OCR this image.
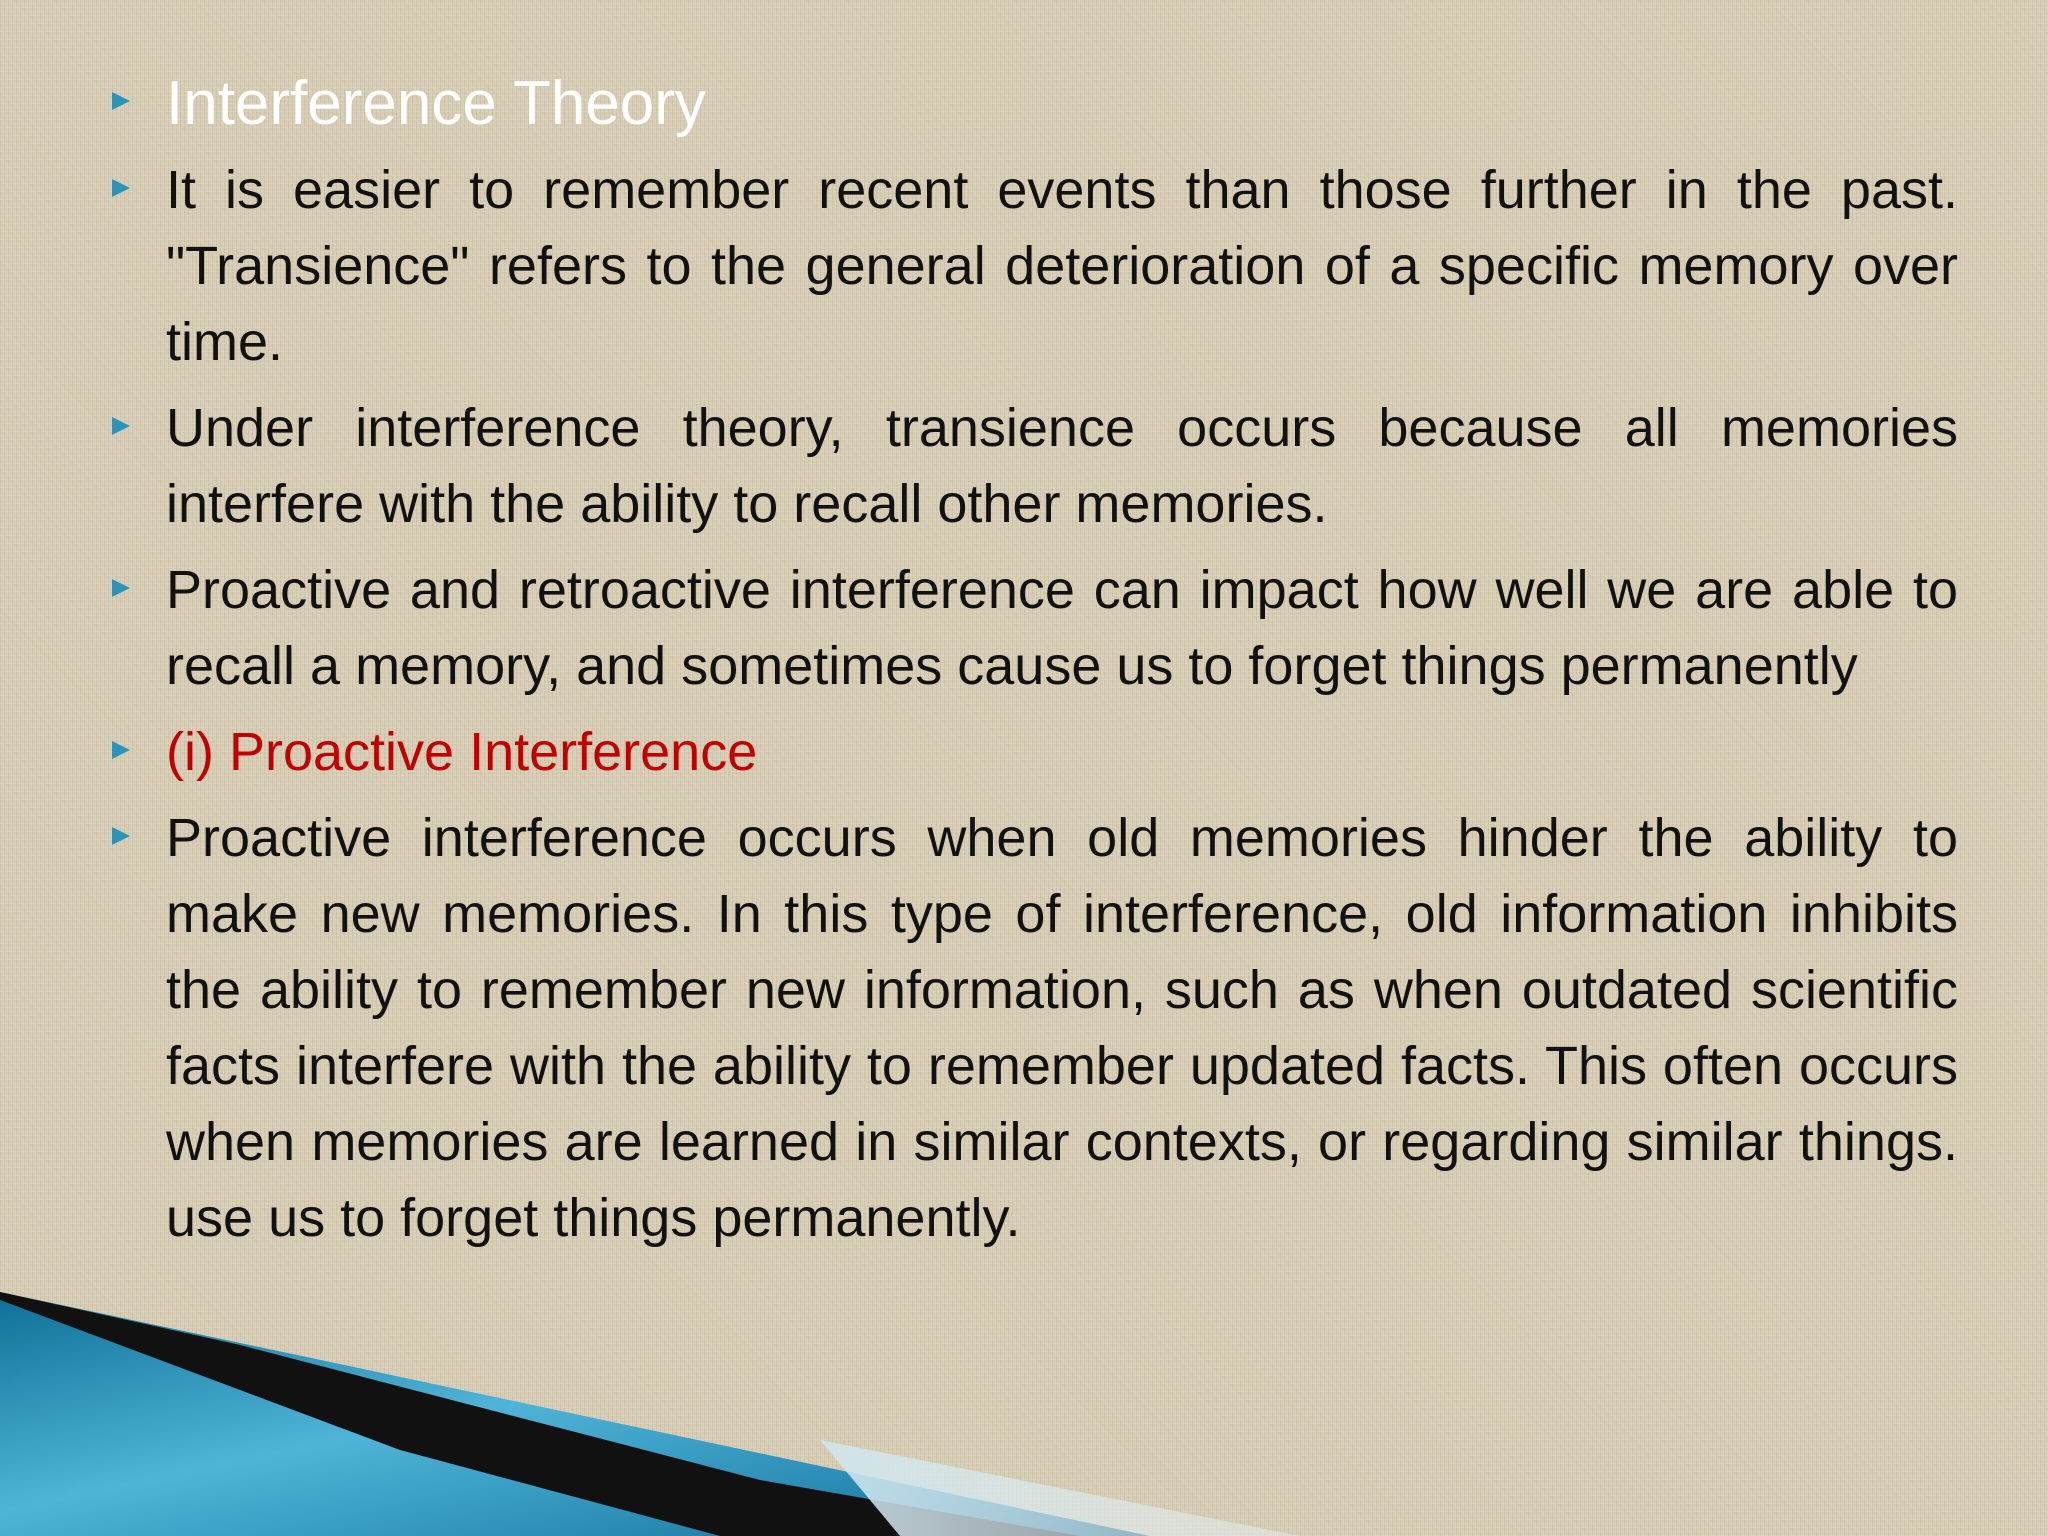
Interference Theory
It is easier to remember recent events than those further in the past. "Transience" refers to the general deterioration of a specific memory over time.
Under interference theory, transience occurs because all memories interfere with the ability to recall other memories.
Proactive and retroactive interference can impact how well we are able to recall a memory, and sometimes cause us to forget things permanently
(i) Proactive Interference
Proactive interference occurs when old memories hinder the ability to make new memories. In this type of interference, old information inhibits the ability to remember new information, such as when outdated scientific facts interfere with the ability to remember updated facts. This often occurs when memories are learned in similar contexts, or regarding similar things. use us to forget things permanently.
